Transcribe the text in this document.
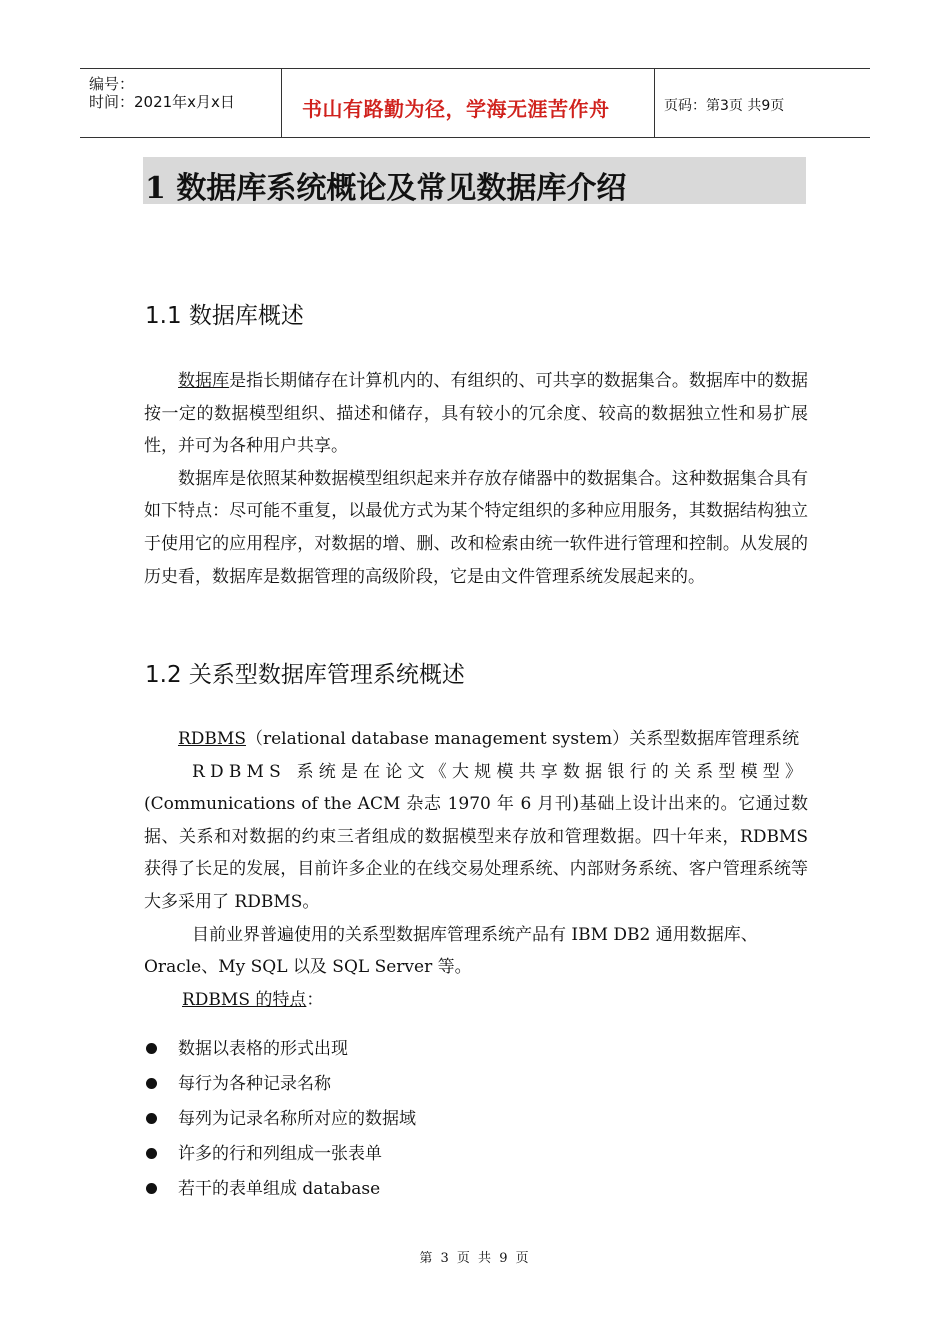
编号：
时间：2021年x月x日	书山有路勤为径，学海无涯苦作舟	页码：第3页 共9页
1 数据库系统概论及常见数据库介绍
1.1 数据库概述

数据库是指长期储存在计算机内的、有组织的、可共享的数据集合。数据库中的数据按一定的数据模型组织、描述和储存，具有较小的冗余度、较高的数据独立性和易扩展性，并可为各种用户共享。

数据库是依照某种数据模型组织起来并存放存储器中的数据集合。这种数据集合具有如下特点：尽可能不重复，以最优方式为某个特定组织的多种应用服务，其数据结构独立于使用它的应用程序，对数据的增、删、改和检索由统一软件进行管理和控制。从发展的历史看，数据库是数据管理的高级阶段，它是由文件管理系统发展起来的。

1.2 关系型数据库管理系统概述

RDBMS（relational database management system）关系型数据库管理系统

RDBMS 系统是在论文《大规模共享数据银行的关系型模型》

(Communications of the ACM 杂志 1970 年 6 月刊)基础上设计出来的。它通过数据、关系和对数据的约束三者组成的数据模型来存放和管理数据。四十年来，RDBMS 获得了长足的发展，目前许多企业的在线交易处理系统、内部财务系统、客户管理系统等大多采用了 RDBMS。

目前业界普遍使用的关系型数据库管理系统产品有 IBM DB2 通用数据库、

Oracle、My SQL 以及 SQL Server 等。

RDBMS 的特点：

数据以表格的形式出现
每行为各种记录名称
每列为记录名称所对应的数据域
许多的行和列组成一张表单
若干的表单组成 database
第 3 页 共 9 页
